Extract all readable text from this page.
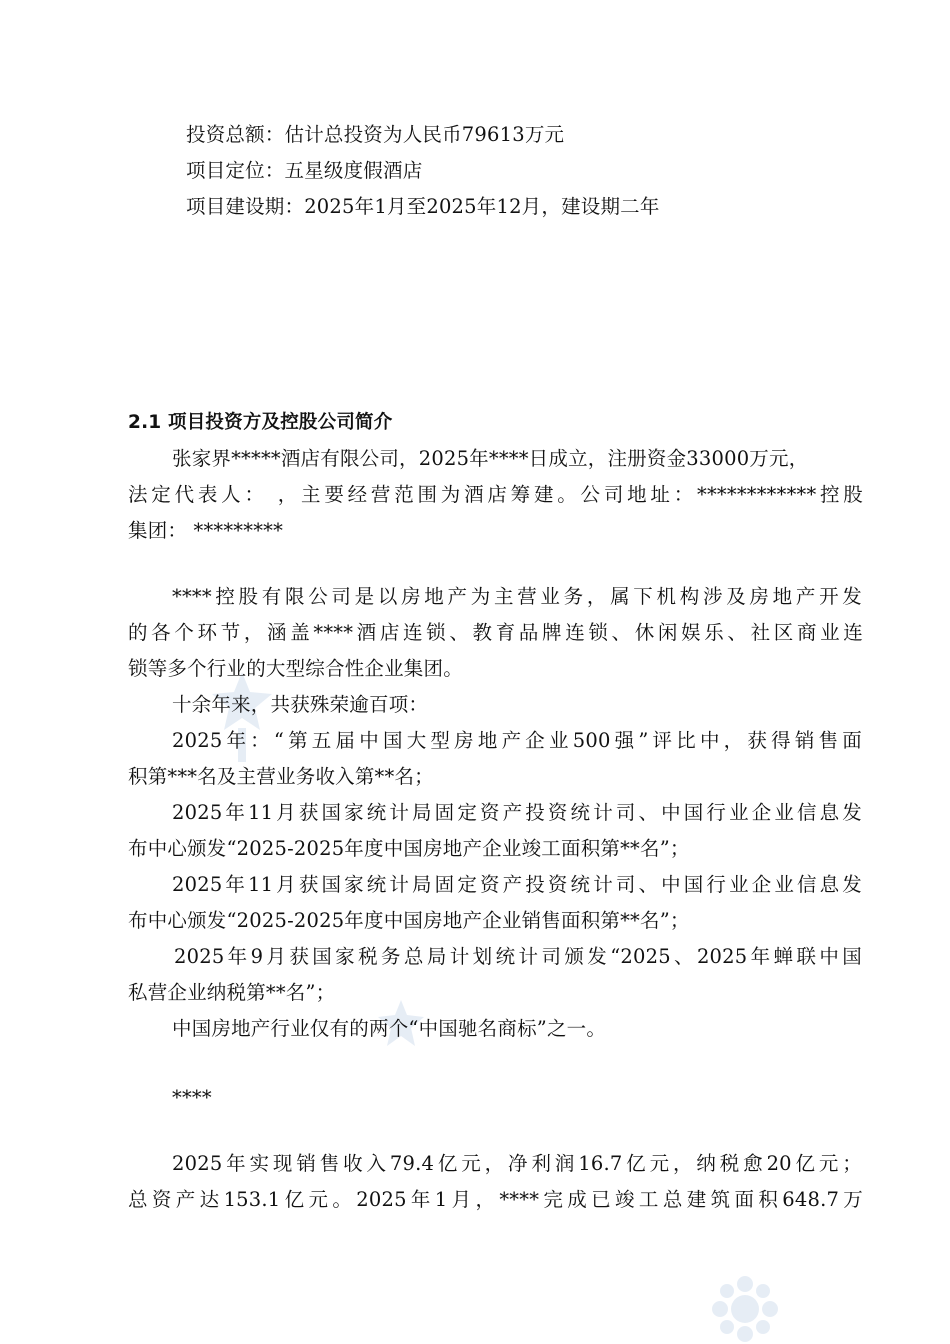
投资总额：估计总投资为人民币79613万元
项目定位：五星级度假酒店
项目建设期：2025年1月至2025年12月，建设期二年
2.1 项目投资方及控股公司简介
张家界*****酒店有限公司，2025年****日成立，注册资金33000万元，
法定代表人： ，主要经营范围为酒店筹建。公司地址：************控股
集团： *********
****控股有限公司是以房地产为主营业务，属下机构涉及房地产开发
的各个环节，涵盖****酒店连锁、教育品牌连锁、休闲娱乐、社区商业连
锁等多个行业的大型综合性企业集团。
十余年来，共获殊荣逾百项：
2025年：“第五届中国大型房地产企业500强”评比中，获得销售面
积第***名及主营业务收入第**名；
2025年11月获国家统计局固定资产投资统计司、中国行业企业信息发
布中心颁发“2025-2025年度中国房地产企业竣工面积第**名”；
2025年11月获国家统计局固定资产投资统计司、中国行业企业信息发
布中心颁发“2025-2025年度中国房地产企业销售面积第**名”；
2025年9月获国家税务总局计划统计司颁发“2025、2025年蝉联中国
私营企业纳税第**名”；
中国房地产行业仅有的两个“中国驰名商标”之一。
****
2025年实现销售收入79.4亿元，净利润16.7亿元，纳税愈20亿元；
总资产达153.1亿元。2025年1月，****完成已竣工总建筑面积648.7万
